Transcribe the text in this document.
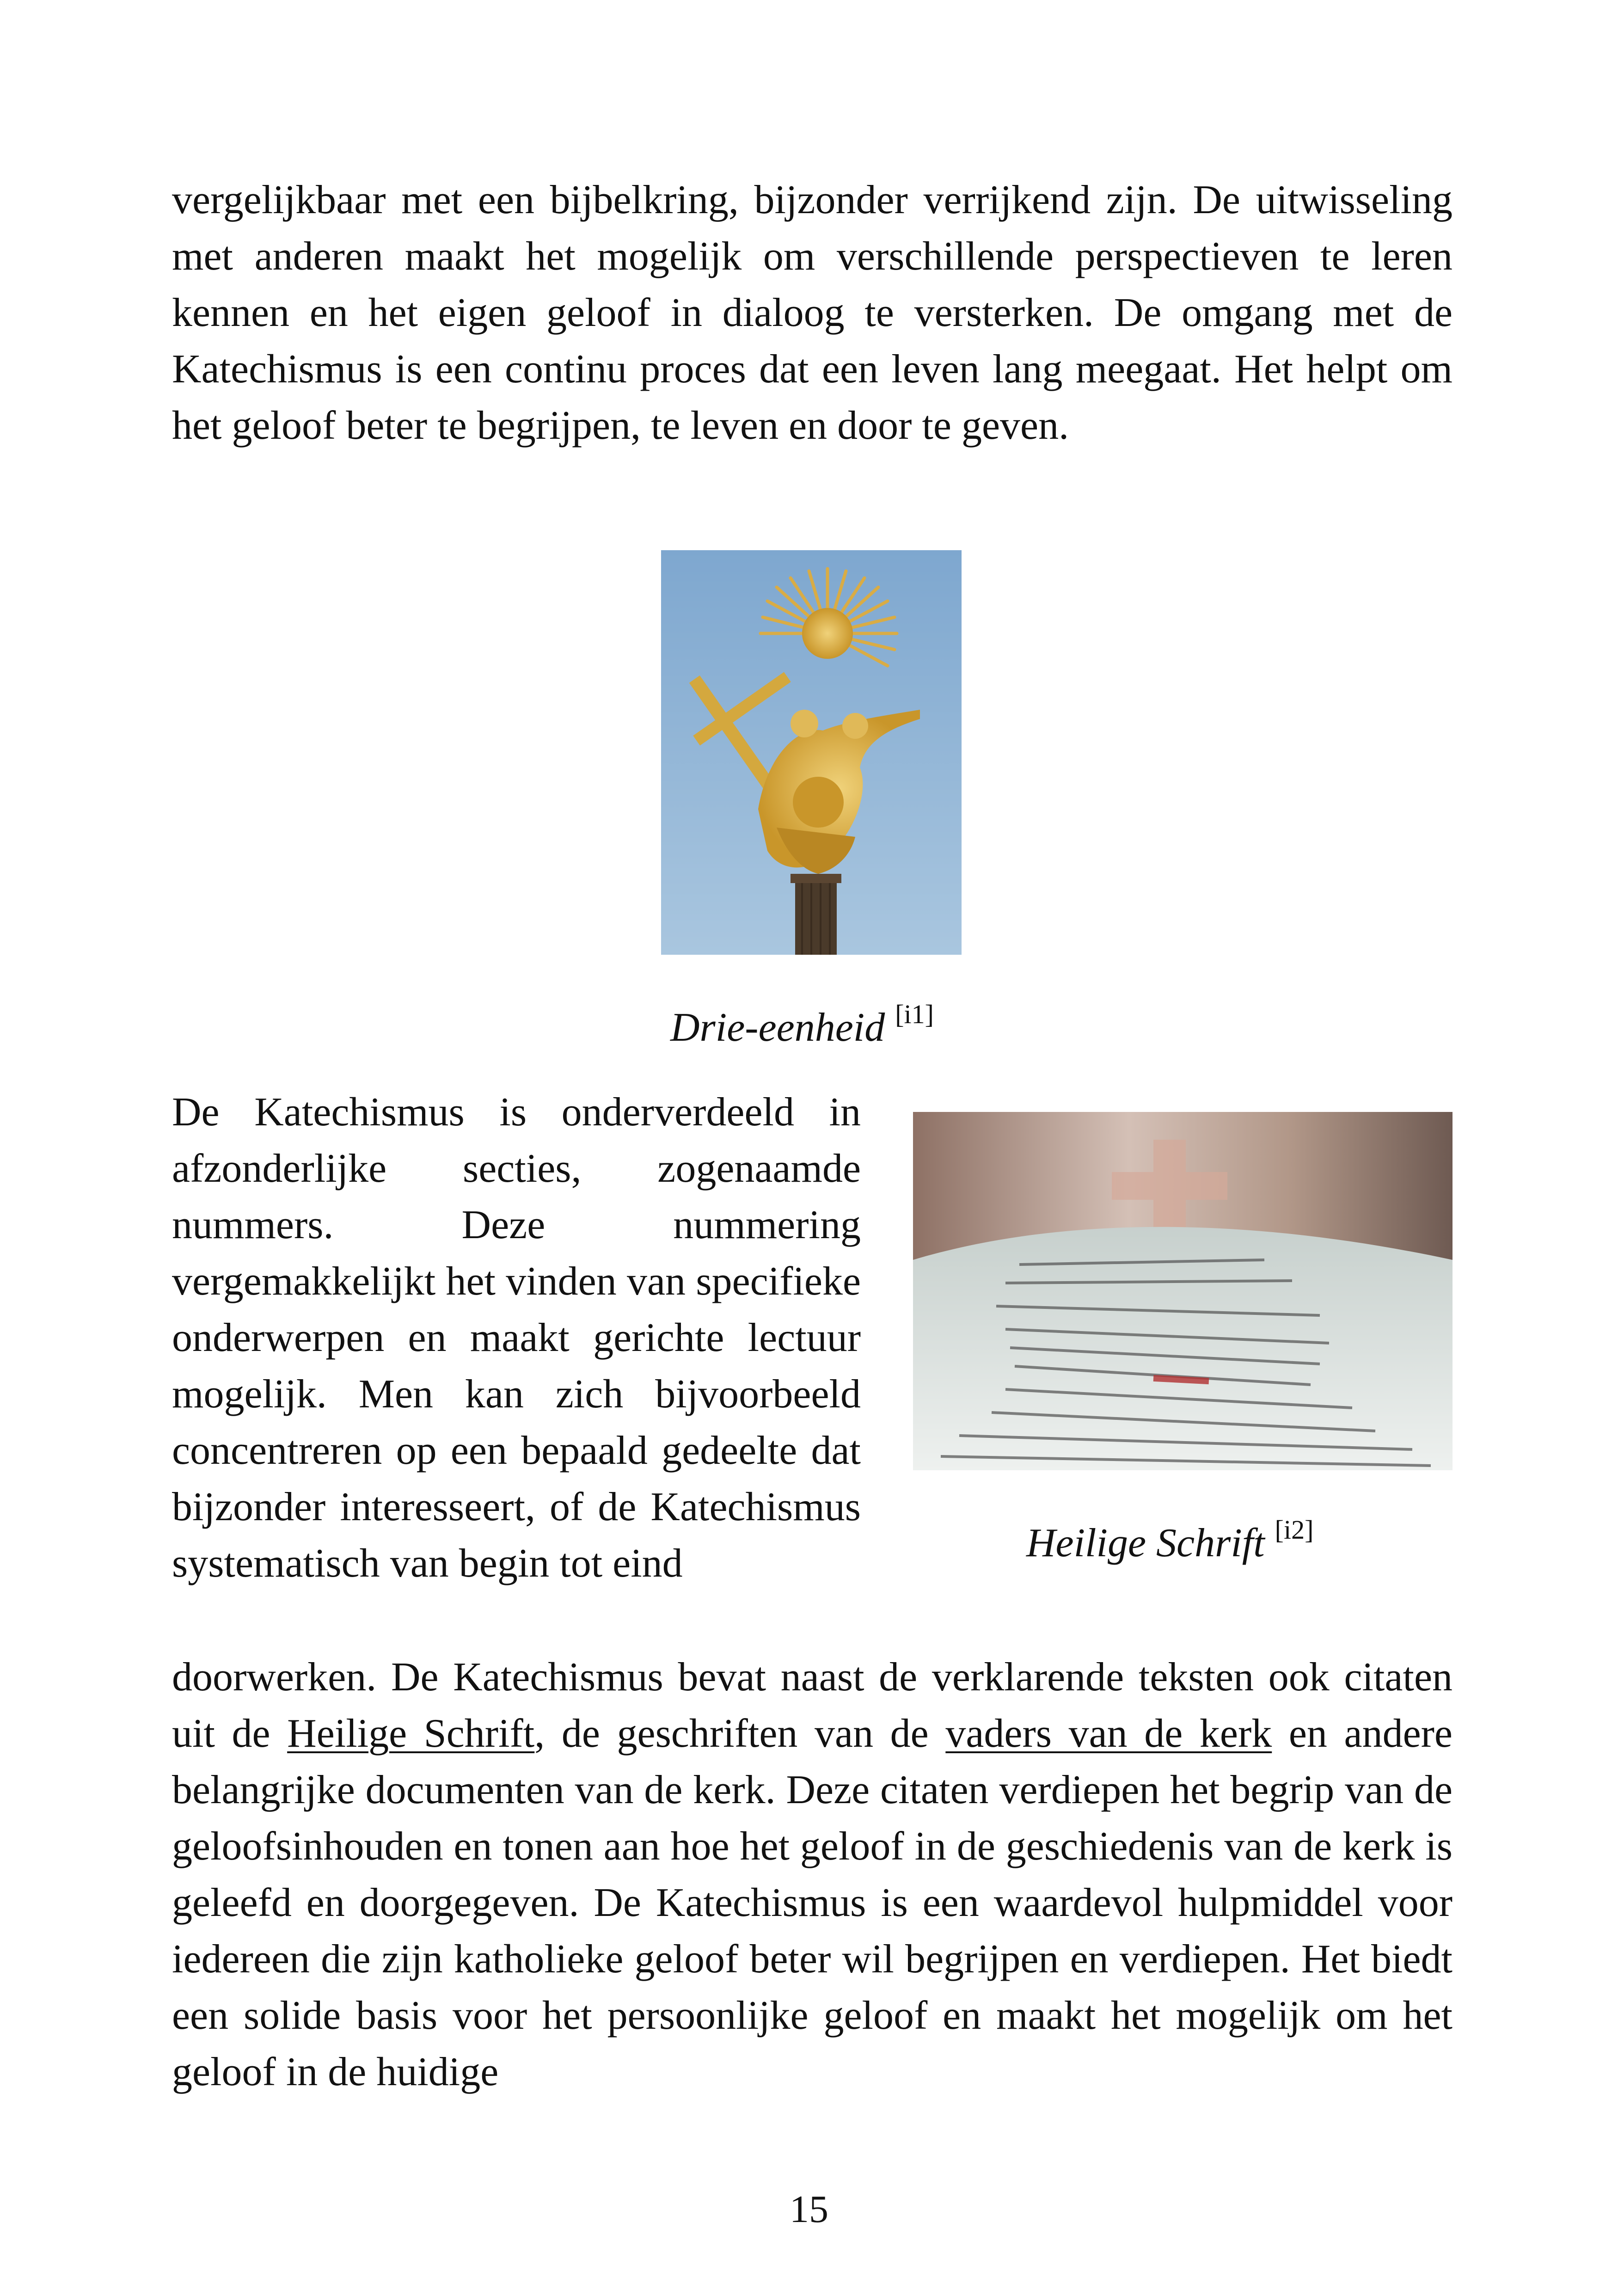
vergelijkbaar met een bijbelkring, bijzonder verrijkend zijn. De uitwisseling met anderen maakt het mogelijk om verschillende perspectieven te leren kennen en het eigen geloof in dialoog te versterken. De omgang met de Katechismus is een continu proces dat een leven lang meegaat. Het helpt om het geloof beter te begrijpen, te leven en door te geven.

Drie-eenheid [i1]

De Katechismus is onderverdeeld in afzonderlijke secties, zogenaamde nummers. Deze nummering vergemakkelijkt het vinden van specifieke onderwerpen en maakt gerichte lectuur mogelijk. Men kan zich bijvoorbeeld concentreren op een bepaald gedeelte dat bijzonder interesseert, of de Katechismus systematisch van begin tot eind	Heilige Schrift [i2]

doorwerken. De Katechismus bevat naast de verklarende teksten ook citaten uit de Heilige Schrift, de geschriften van de vaders van de kerk en andere belangrijke documenten van de kerk. Deze citaten verdiepen het begrip van de geloofsinhouden en tonen aan hoe het geloof in de geschiedenis van de kerk is geleefd en doorgegeven. De Katechismus is een waardevol hulpmiddel voor iedereen die zijn katholieke geloof beter wil begrijpen en verdiepen. Het biedt een solide basis voor het persoonlijke geloof en maakt het mogelijk om het geloof in de huidige

15
